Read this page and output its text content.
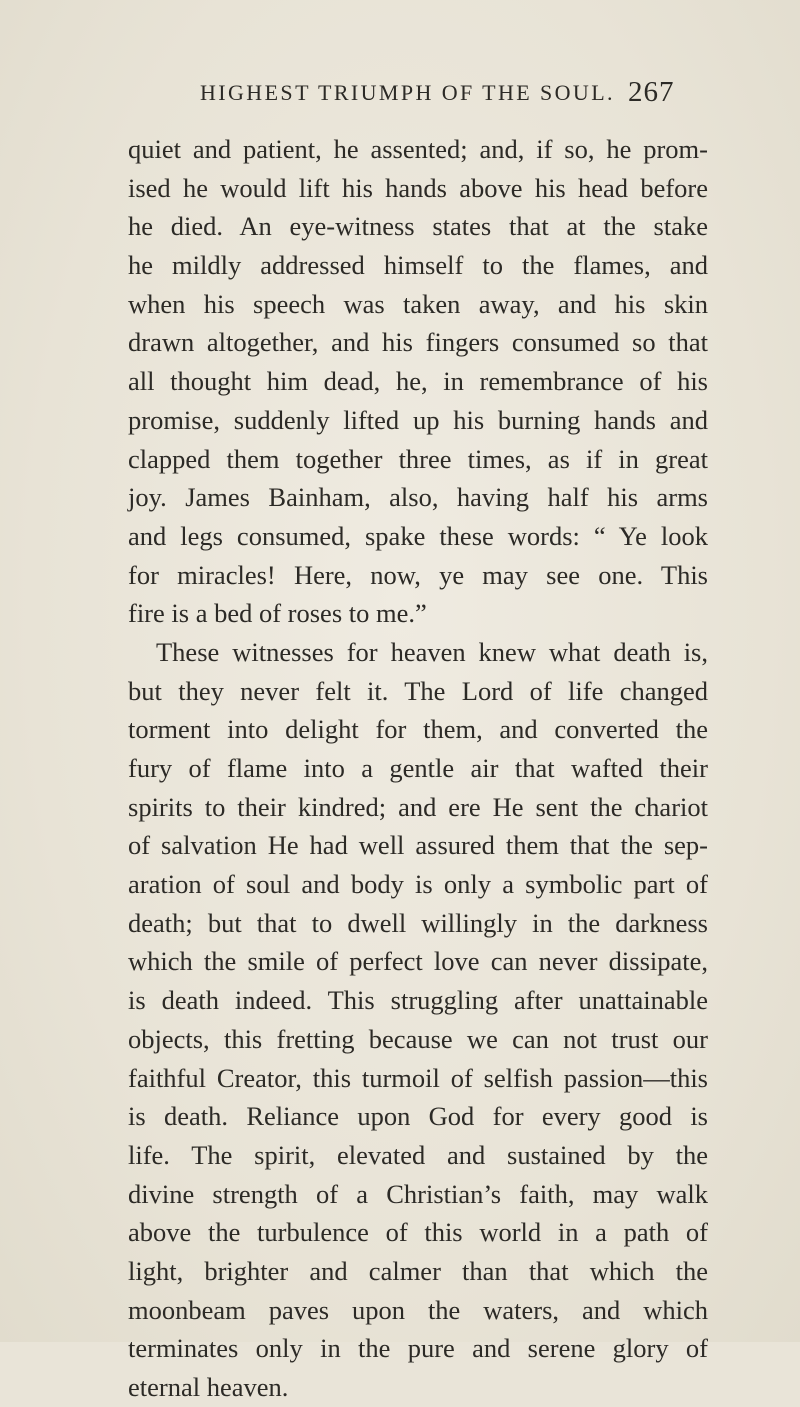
HIGHEST TRIUMPH OF THE SOUL. 267
quiet and patient, he assented; and, if so, he prom-
ised he would lift his hands above his head before
he died. An eye-witness states that at the stake
he mildly addressed himself to the flames, and
when his speech was taken away, and his skin
drawn altogether, and his fingers consumed so that
all thought him dead, he, in remembrance of his
promise, suddenly lifted up his burning hands and
clapped them together three times, as if in great
joy. James Bainham, also, having half his arms
and legs consumed, spake these words: “ Ye look
for miracles! Here, now, ye may see one. This
fire is a bed of roses to me.”
These witnesses for heaven knew what death is,
but they never felt it. The Lord of life changed
torment into delight for them, and converted the
fury of flame into a gentle air that wafted their
spirits to their kindred; and ere He sent the chariot
of salvation He had well assured them that the sep-
aration of soul and body is only a symbolic part of
death; but that to dwell willingly in the darkness
which the smile of perfect love can never dissipate,
is death indeed. This struggling after unattainable
objects, this fretting because we can not trust our
faithful Creator, this turmoil of selfish passion—this
is death. Reliance upon God for every good is
life. The spirit, elevated and sustained by the
divine strength of a Christian’s faith, may walk
above the turbulence of this world in a path of
light, brighter and calmer than that which the
moonbeam paves upon the waters, and which
terminates only in the pure and serene glory of
eternal heaven.
